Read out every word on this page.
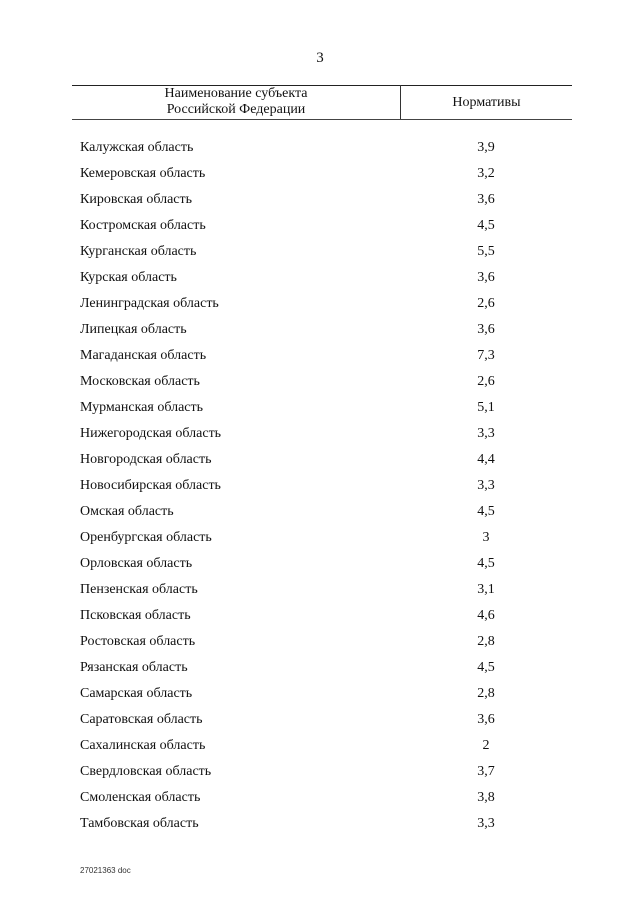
3
Наименование субъекта
Российской Федерации	Нормативы
Калужская область	3,9
Кемеровская область	3,2
Кировская область	3,6
Костромская область	4,5
Курганская область	5,5
Курская область	3,6
Ленинградская область	2,6
Липецкая область	3,6
Магаданская область	7,3
Московская область	2,6
Мурманская область	5,1
Нижегородская область	3,3
Новгородская область	4,4
Новосибирская область	3,3
Омская область	4,5
Оренбургская область	3
Орловская область	4,5
Пензенская область	3,1
Псковская область	4,6
Ростовская область	2,8
Рязанская область	4,5
Самарская область	2,8
Саратовская область	3,6
Сахалинская область	2
Свердловская область	3,7
Смоленская область	3,8
Тамбовская область	3,3
27021363 doc
